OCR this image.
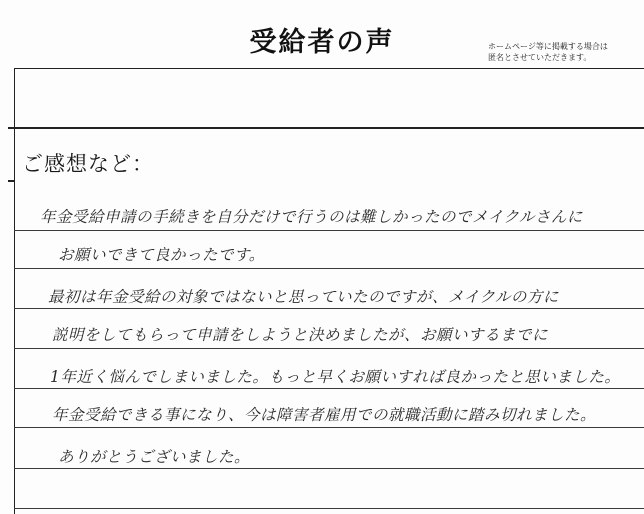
受給者の声	ホームページ等に掲載する場合は
匿名とさせていただきます。

ご感想など：

年金受給申請の手続きを自分だけで行うのは難しかったのでメイクルさんに
お願いできて良かったです。
最初は年金受給の対象ではないと思っていたのですが、メイクルの方に
説明をしてもらって申請をしようと決めましたが、お願いするまでに
1年近く悩んでしまいました。もっと早くお願いすれば良かったと思いました。
年金受給できる事になり、今は障害者雇用での就職活動に踏み切れました。
ありがとうございました。
